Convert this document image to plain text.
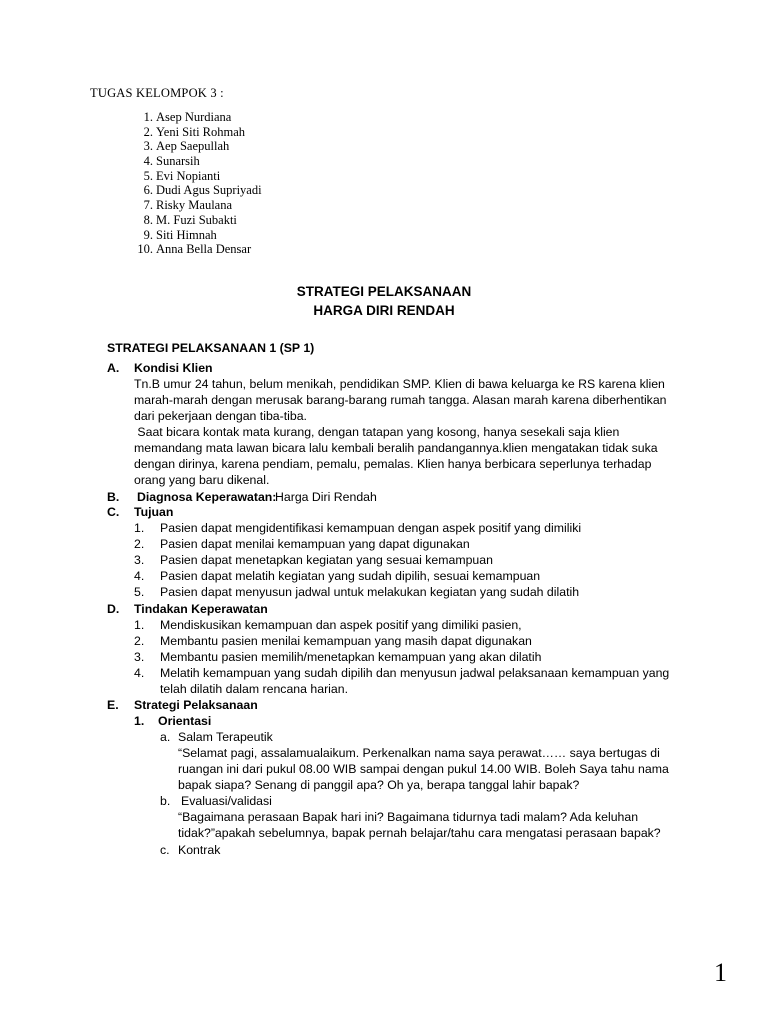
TUGAS KELOMPOK 3 :
1. Asep Nurdiana
2. Yeni Siti Rohmah
3. Aep Saepullah
4. Sunarsih
5. Evi Nopianti
6. Dudi Agus Supriyadi
7. Risky Maulana
8. M. Fuzi Subakti
9. Siti Himnah
10. Anna Bella Densar
STRATEGI PELAKSANAAN
HARGA DIRI RENDAH
STRATEGI PELAKSANAAN 1 (SP 1)
A. Kondisi Klien
Tn.B umur 24 tahun, belum menikah, pendidikan SMP. Klien di bawa keluarga ke RS karena klien
marah-marah dengan merusak barang-barang rumah tangga. Alasan marah karena diberhentikan
dari pekerjaan dengan tiba-tiba.
Saat bicara kontak mata kurang, dengan tatapan yang kosong, hanya sesekali saja klien
memandang mata lawan bicara lalu kembali beralih pandangannya.klien mengatakan tidak suka
dengan dirinya, karena pendiam, pemalu, pemalas. Klien hanya berbicara seperlunya terhadap
orang yang baru dikenal.
B. Diagnosa Keperawatan:
Harga Diri Rendah
C. Tujuan
1. Pasien dapat mengidentifikasi kemampuan dengan aspek positif yang dimiliki
2. Pasien dapat menilai kemampuan yang dapat digunakan
3. Pasien dapat menetapkan kegiatan yang sesuai kemampuan
4. Pasien dapat melatih kegiatan yang sudah dipilih, sesuai kemampuan
5. Pasien dapat menyusun jadwal untuk melakukan kegiatan yang sudah dilatih
D. Tindakan Keperawatan
1. Mendiskusikan kemampuan dan aspek positif yang dimiliki pasien,
2. Membantu pasien menilai kemampuan yang masih dapat digunakan
3. Membantu pasien memilih/menetapkan kemampuan yang akan dilatih
4. Melatih kemampuan yang sudah dipilih dan menyusun jadwal pelaksanaan kemampuan yang
telah dilatih dalam rencana harian.
E. Strategi Pelaksanaan
1. Orientasi
a. Salam Terapeutik
“Selamat pagi, assalamualaikum. Perkenalkan nama saya perawat…… saya bertugas di
ruangan ini dari pukul 08.00 WIB sampai dengan pukul 14.00 WIB. Boleh Saya tahu nama
bapak siapa? Senang di panggil apa? Oh ya, berapa tanggal lahir bapak?
b. Evaluasi/validasi
“Bagaimana perasaan Bapak hari ini? Bagaimana tidurnya tadi malam? Ada keluhan
tidak?”apakah sebelumnya, bapak pernah belajar/tahu cara mengatasi perasaan bapak?
c. Kontrak
1
